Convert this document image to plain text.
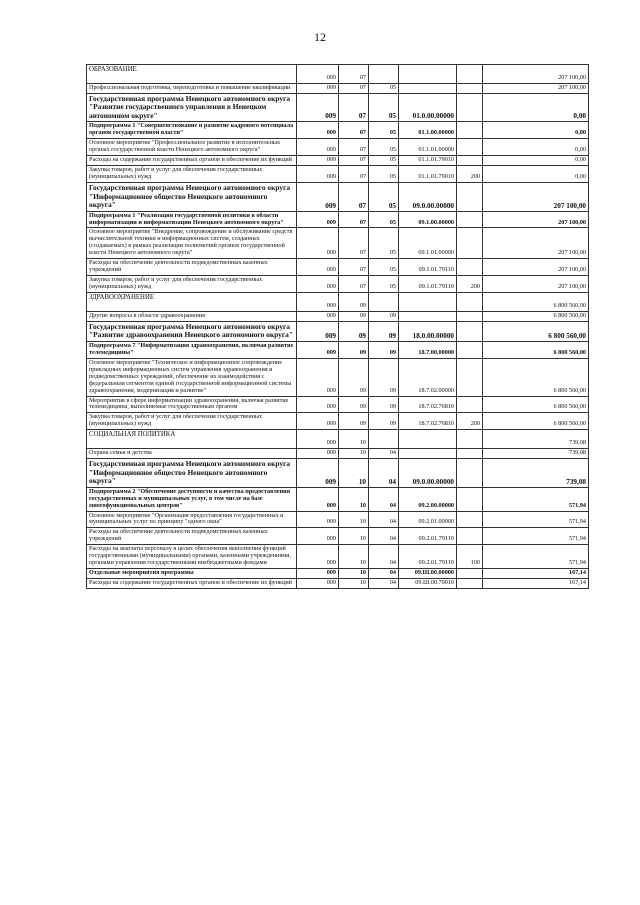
12
ОБРАЗОВАНИЕ	009	07				207 100,00
Профессиональная подготовка, переподготовка и повышение квалификации	009	07	05			207 100,00
Государственная программа Ненецкого автономного округа "Развитие государственного управления в Ненецком автономном округе"	009	07	05	01.0.00.00000		0,00
Подпрограмма 1 "Совершенствование и развитие кадрового потенциала органов государственной власти"	009	07	05	01.1.00.00000		0,00
Основное мероприятие "Профессиональное развитие в исполнительных органах государственной власти Ненецкого автономного округа"	009	07	05	01.1.01.00000		0,00
Расходы на содержание государственных органов и обеспечение их функций	009	07	05	01.1.01.79010		0,00
Закупка товаров, работ и услуг для обеспечения государственных (муниципальных) нужд	009	07	05	01.1.01.79010	200	0,00
Государственная программа Ненецкого автономного округа "Информационное общество Ненецкого автономного округа"	009	07	05	09.0.00.00000		207 100,00
Подпрограмма 1 "Реализация государственной политики в области информатизации и информатизации Ненецкого автономного округа"	009	07	05	09.1.00.00000		207 100,00
Основное мероприятие "Внедрение, сопровождение и обслуживание средств вычислительной техники и информационных систем, созданных (создаваемых) в рамках реализации полномочий органов государственной власти Ненецкого автономного округа"	009	07	05	09.1.01.00000		207 100,00
Расходы на обеспечение деятельности подведомственных казенных учреждений	009	07	05	09.1.01.79110		207 100,00
Закупка товаров, работ и услуг для обеспечения государственных (муниципальных) нужд	009	07	05	09.1.01.79110	200	207 100,00
ЗДРАВООХРАНЕНИЕ	009	09				6 800 560,00
Другие вопросы в области здравоохранения	009	09	09			6 800 560,00
Государственная программа Ненецкого автономного округа "Развитие здравоохранения Ненецкого автономного округа"	009	09	09	18.0.00.00000		6 800 560,00
Подпрограмма 7 "Информатизация здравоохранения, включая развитие телемедицины"	009	09	09	18.7.00.00000		6 800 560,00
Основное мероприятие "Техническое и информационное сопровождение прикладных информационных систем управления здравоохранения и подведомственных учреждений, обеспечение их взаимодействия с федеральным сегментом единой государственной информационной системы здравоохранения, модернизация и развитие"	009	09	09	18.7.02.00000		6 800 560,00
Мероприятия в сфере информатизации здравоохранения, включая развитие телемедицины, выполняемые государственным органом	009	09	09	18.7.02.76810		6 800 560,00
Закупка товаров, работ и услуг для обеспечения государственных (муниципальных) нужд	009	09	09	18.7.02.76810	200	6 800 560,00
СОЦИАЛЬНАЯ ПОЛИТИКА	009	10				739,08
Охрана семьи и детства	009	10	04			739,08
Государственная программа Ненецкого автономного округа "Информационное общество Ненецкого автономного округа"	009	10	04	09.0.00.00000		739,08
Подпрограмма 2 "Обеспечение доступности и качества предоставления государственных и муниципальных услуг, в том числе на базе многофункциональных центров"	009	10	04	09.2.00.00000		571,94
Основное мероприятие "Организация предоставления государственных и муниципальных услуг по принципу "одного окна"	009	10	04	09.2.01.00000		571,94
Расходы на обеспечение деятельности подведомственных казенных учреждений	009	10	04	09.2.01.79110		571,94
Расходы на выплаты персоналу в целях обеспечения выполнения функций государственными (муниципальными) органами, казенными учреждениями, органами управления государственными внебюджетными фондами	009	10	04	09.2.01.79110	100	571,94
Отдельные мероприятия программы	009	10	04	09.Ш.00.00000		167,14
Расходы на содержание государственных органов и обеспечение их функций	009	10	04	09.Ш.00.79010		167,14
